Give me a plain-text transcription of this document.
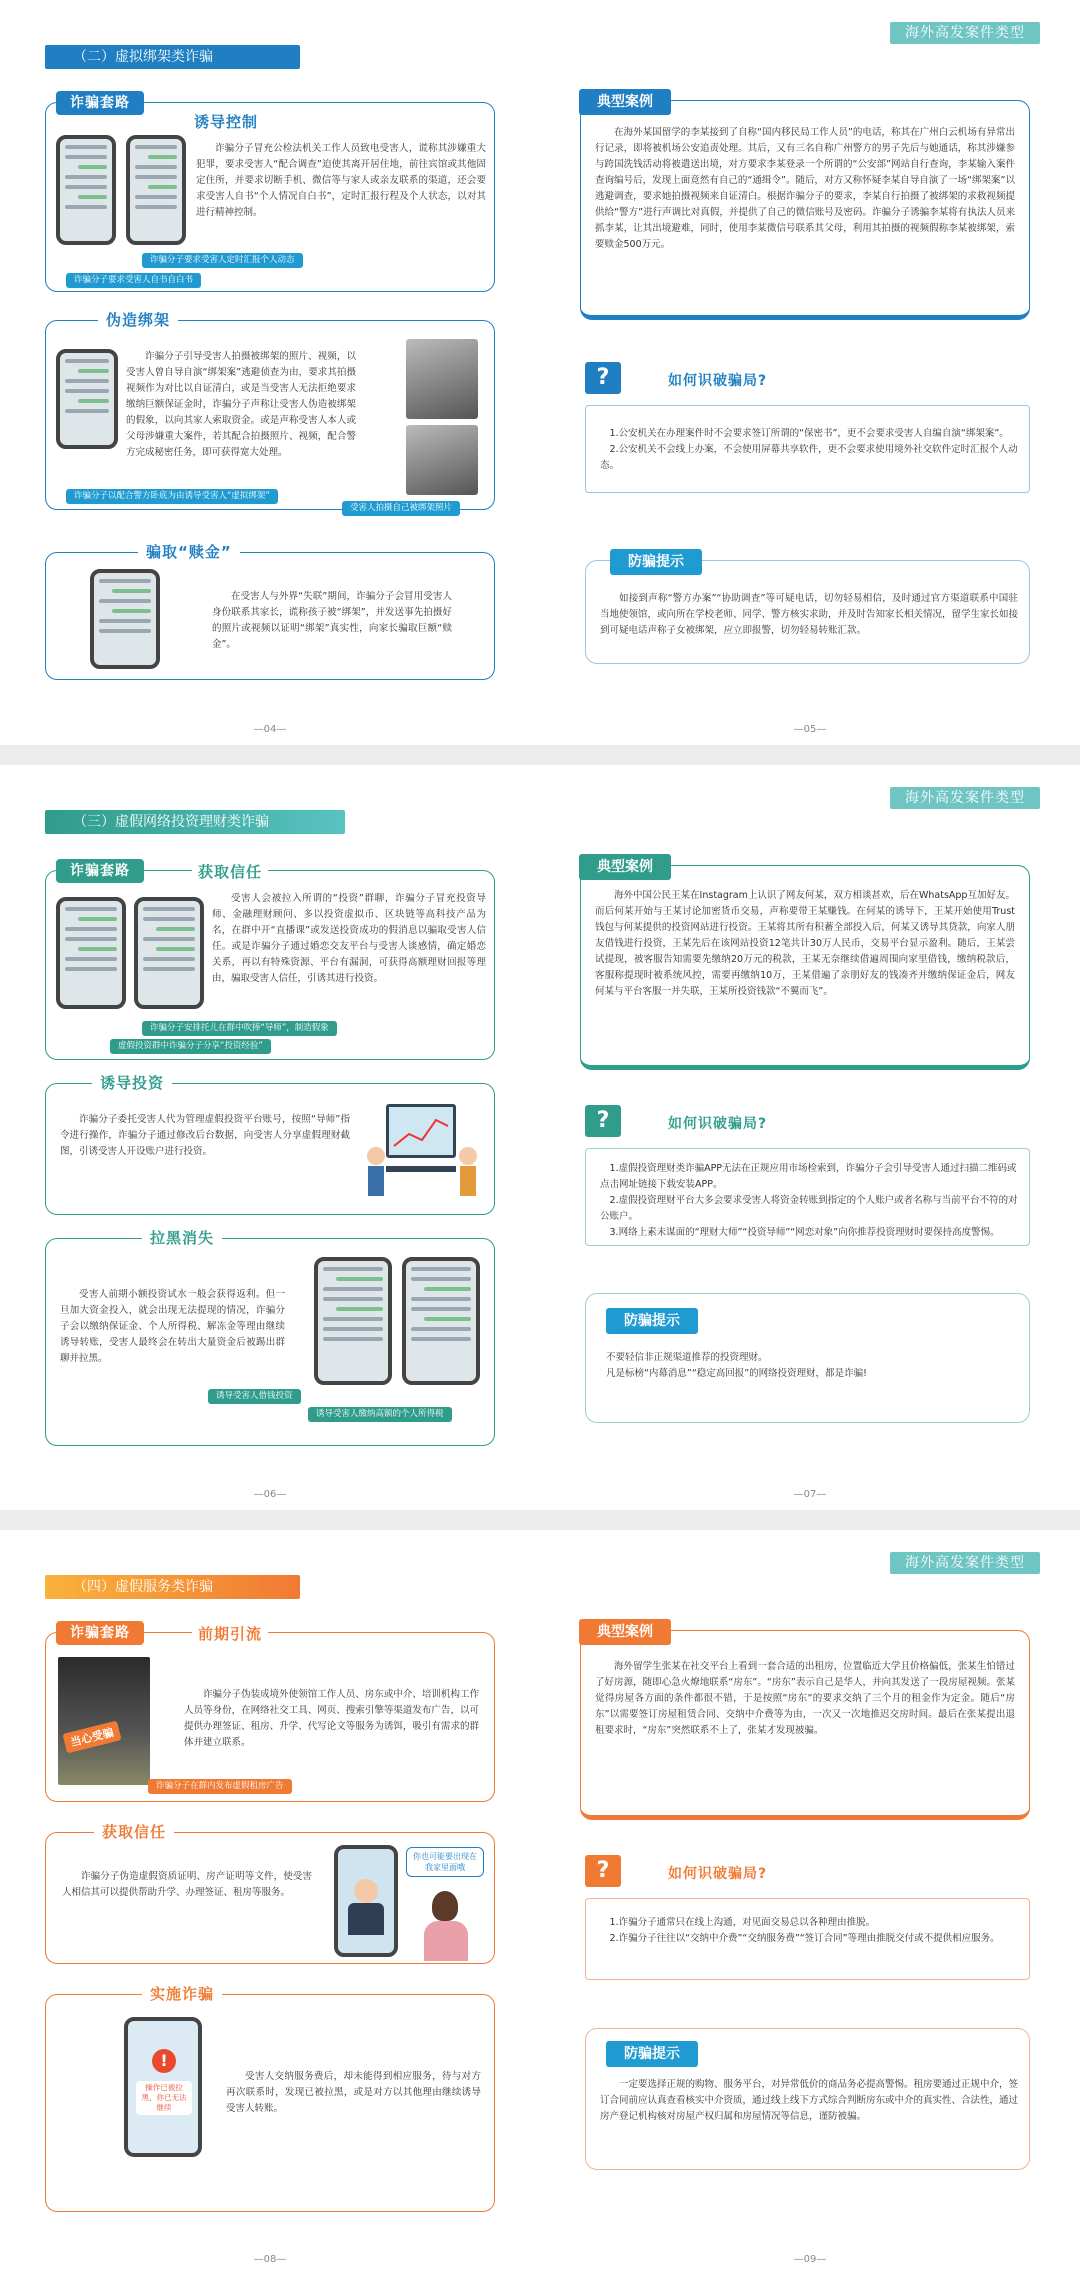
（二）虚拟绑架类诈骗
诈骗套路
诱导控制
诈骗分子冒充公检法机关工作人员致电受害人，谎称其涉嫌重大犯罪，要求受害人“配合调查”迫使其离开居住地，前往宾馆或其他固定住所，并要求切断手机、微信等与家人或亲友联系的渠道，还会要求受害人自书“个人情况自白书”，定时汇报行程及个人状态，以对其进行精神控制。
诈骗分子要求受害人定时汇报个人动态
诈骗分子要求受害人自书自白书
伪造绑架
诈骗分子引导受害人拍摄被绑架的照片、视频，以受害人曾自导自演“绑架案”逃避侦查为由，要求其拍摄视频作为对比以自证清白，或是当受害人无法拒绝要求缴纳巨额保证金时，诈骗分子声称让受害人伪造被绑架的假象，以向其家人索取资金。或是声称受害人本人或父母涉嫌重大案件，若其配合拍摄照片、视频，配合警方完成秘密任务，即可获得宽大处理。
诈骗分子以配合警方卧底为由诱导受害人“虚拟绑架”
受害人拍摄自己被绑架照片
骗取“赎金”
在受害人与外界“失联”期间，诈骗分子会冒用受害人身份联系其家长，谎称孩子被“绑架”，并发送事先拍摄好的照片或视频以证明“绑架”真实性，向家长骗取巨额“赎金”。
—04—
海外高发案件类型
典型案例
在海外某国留学的李某接到了自称“国内移民局工作人员”的电话，称其在广州白云机场有异常出行记录，即将被机场公安追责处理。其后，又有三名自称广州警方的男子先后与她通话，称其涉嫌参与跨国洗钱活动将被遣送出境，对方要求李某登录一个所谓的“公安部”网站自行查询，李某输入案件查询编号后，发现上面竟然有自己的“通缉令”。随后，对方又称怀疑李某自导自演了一场“绑架案”以逃避调查，要求她拍摄视频来自证清白。根据诈骗分子的要求，李某自行拍摄了被绑架的求救视频提供给“警方”进行声调比对真假，并提供了自己的微信账号及密码。诈骗分子诱骗李某将有执法人员来抓李某，让其出境避难，同时，使用李某微信号联系其父母，利用其拍摄的视频假称李某被绑架，索要赎金500万元。
?	如何识破骗局?
1.公安机关在办理案件时不会要求签订所谓的“保密书”，更不会要求受害人自编自演“绑架案”。
2.公安机关不会线上办案，不会使用屏幕共享软件，更不会要求使用境外社交软件定时汇报个人动态。
防骗提示
如接到声称“警方办案”“协助调查”等可疑电话，切勿轻易相信，及时通过官方渠道联系中国驻当地使领馆，或向所在学校老师、同学、警方核实求助，并及时告知家长相关情况，留学生家长如接到可疑电话声称子女被绑架，应立即报警，切勿轻易转账汇款。
—05—
（三）虚假网络投资理财类诈骗
诈骗套路	获取信任
受害人会被拉入所谓的“投资”群聊，诈骗分子冒充投资导师、金融理财顾问、多以投资虚拟币、区块链等高科技产品为名，在群中开“直播课”或发送投资成功的假消息以骗取受害人信任。或是诈骗分子通过婚恋交友平台与受害人谈感情，确定婚恋关系，再以有特殊资源、平台有漏洞，可获得高额理财回报等理由，骗取受害人信任，引诱其进行投资。
诈骗分子安排托儿在群中吹捧“导师”，制造假象
虚假投资群中诈骗分子分享“投资经验”
诱导投资
诈骗分子委托受害人代为管理虚假投资平台账号，按照“导师”指令进行操作，诈骗分子通过修改后台数据，向受害人分享虚假理财截图，引诱受害人开设账户进行投资。
拉黑消失
受害人前期小额投资试水一般会获得返利。但一旦加大资金投入，就会出现无法提现的情况，诈骗分子会以缴纳保证金、个人所得税、解冻金等理由继续诱导转账，受害人最终会在转出大量资金后被踢出群聊并拉黑。
诱导受害人借钱投资
诱导受害人缴纳高额的个人所得税
—06—
海外高发案件类型
典型案例
海外中国公民王某在Instagram上认识了网友何某，双方相谈甚欢，后在WhatsApp互加好友。而后何某开始与王某讨论加密货币交易，声称要带王某赚钱。在何某的诱导下，王某开始使用Trust钱包与何某提供的投资网站进行投资。王某将其所有积蓄全部投入后，何某又诱导其贷款，向家人朋友借钱进行投资，王某先后在该网站投资12笔共计30万人民币，交易平台显示盈利。随后，王某尝试提现，被客服告知需要先缴纳20万元的税款，王某无奈继续借遍周围向家里借钱，缴纳税款后，客服称提现时被系统风控，需要再缴纳10万，王某借遍了亲朋好友的钱凑齐并缴纳保证金后，网友何某与平台客服一并失联，王某所投资钱款“不翼而飞”。
?	如何识破骗局?
1.虚假投资理财类诈骗APP无法在正规应用市场检索到，诈骗分子会引导受害人通过扫描二维码或点击网址链接下载安装APP。
2.虚假投资理财平台大多会要求受害人将资金转账到指定的个人账户或者名称与当前平台不符的对公账户。
3.网络上素未谋面的“理财大师”“投资导师”“网恋对象”向你推荐投资理财时要保持高度警惕。
防骗提示
不要轻信非正规渠道推荐的投资理财。
凡是标榜“内幕消息”“稳定高回报”的网络投资理财，都是诈骗!
—07—
（四）虚假服务类诈骗
诈骗套路	前期引流
当心受骗
诈骗分子伪装成境外使领馆工作人员、房东或中介、培训机构工作人员等身份，在网络社交工具、网页、搜索引擎等渠道发布广告，以可提供办理签证、租房、升学、代写论文等服务为诱饵，吸引有需求的群体并建立联系。
诈骗分子在群内发布虚假租房广告
获取信任
诈骗分子伪造虚假资质证明、房产证明等文件，使受害人相信其可以提供帮助升学、办理签证、租房等服务。
你也可能要出现在我家里面哦
实施诈骗
!
操作已被拉黑，你已无法继续
受害人交纳服务费后，却未能得到相应服务，待与对方再次联系时，发现已被拉黑，或是对方以其他理由继续诱导受害人转账。
—08—
海外高发案件类型
典型案例
海外留学生张某在社交平台上看到一套合适的出租房，位置临近大学且价格偏低，张某生怕错过了好房源，随即心急火燎地联系“房东”。“房东”表示自己是华人，并向其发送了一段房屋视频。张某觉得房屋各方面的条件都很不错，于是按照“房东”的要求交纳了三个月的租金作为定金。随后“房东”以需要签订房屋租赁合同、交纳中介费等为由，一次又一次地推迟交房时间。最后在张某提出退租要求时，“房东”突然联系不上了，张某才发现被骗。
?	如何识破骗局?
1.诈骗分子通常只在线上沟通，对见面交易总以各种理由推脱。
2.诈骗分子往往以“交纳中介费”“交纳服务费”“签订合同”等理由推脱交付或不提供相应服务。
防骗提示
一定要选择正规的购物、服务平台，对异常低价的商品务必提高警惕。租房要通过正规中介，签订合同前应认真查看核实中介资质，通过线上线下方式综合判断房东或中介的真实性、合法性，通过房产登记机构核对房屋产权归属和房屋情况等信息，谨防被骗。
—09—
